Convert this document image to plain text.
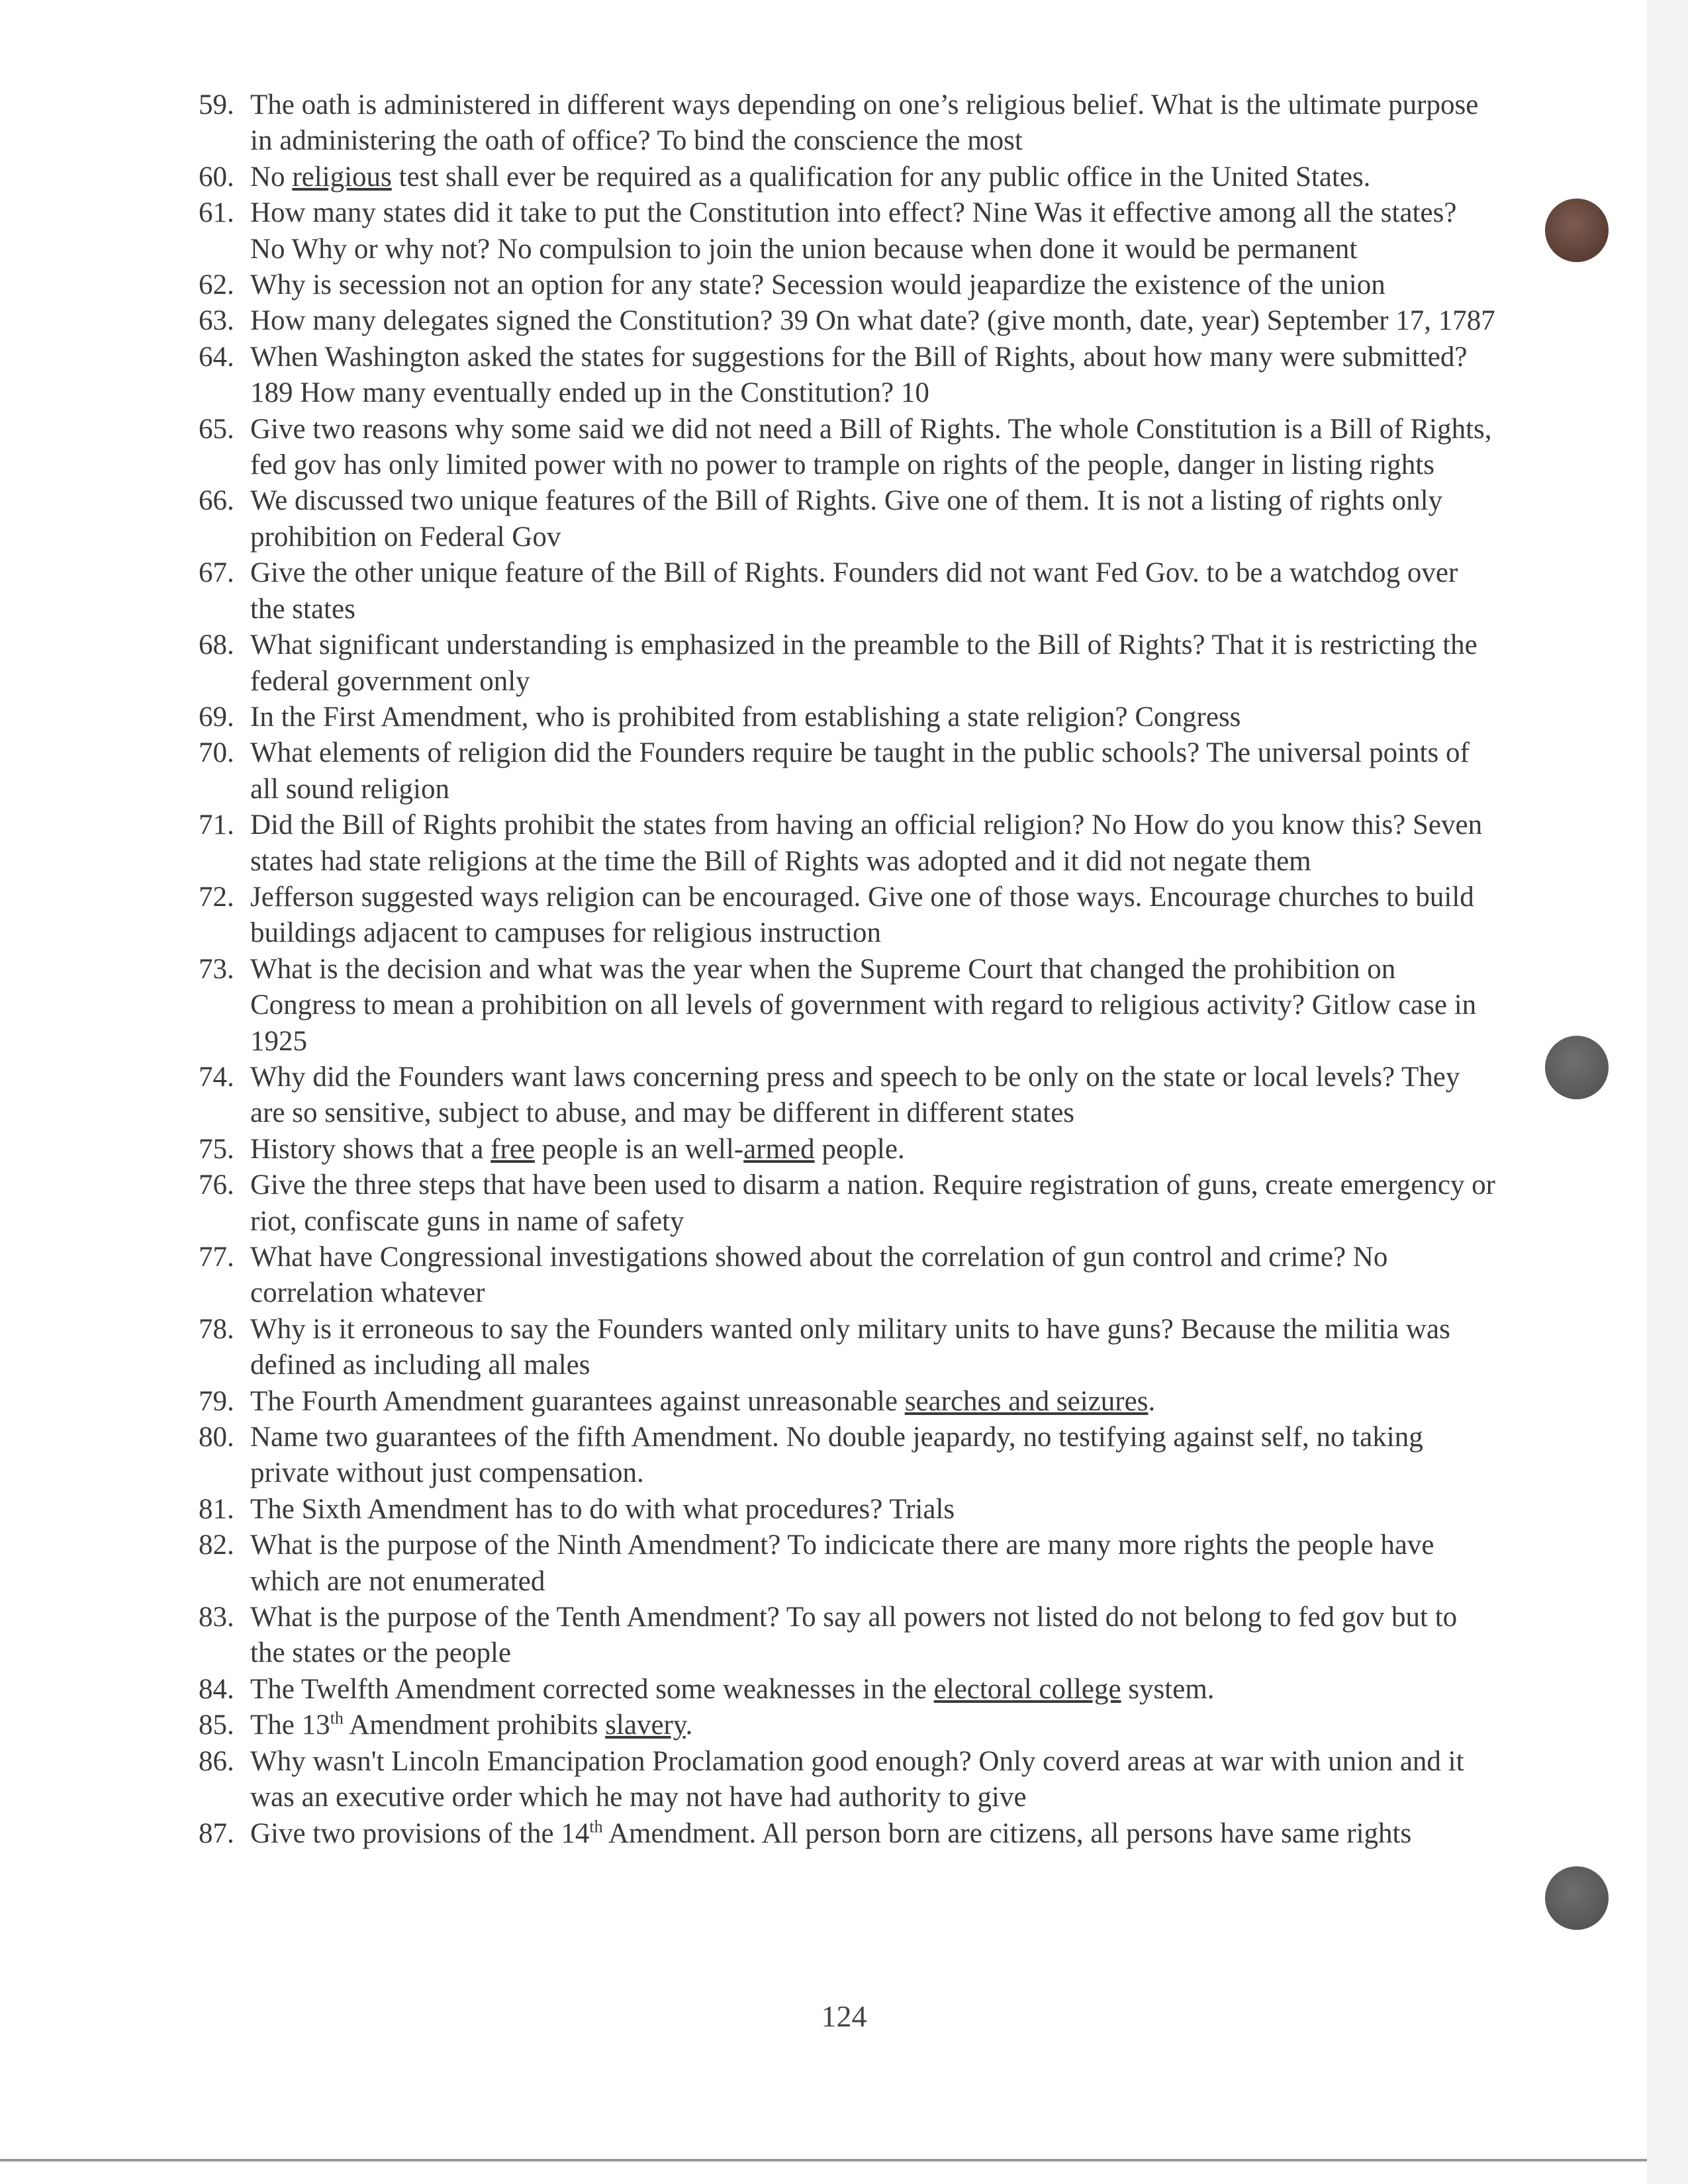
59. The oath is administered in different ways depending on one’s religious belief. What is the ultimate purpose in administering the oath of office? To bind the conscience the most
60. No religious test shall ever be required as a qualification for any public office in the United States.
61. How many states did it take to put the Constitution into effect? Nine Was it effective among all the states? No Why or why not? No compulsion to join the union because when done it would be permanent
62. Why is secession not an option for any state? Secession would jeapardize the existence of the union
63. How many delegates signed the Constitution? 39 On what date? (give month, date, year) September 17, 1787
64. When Washington asked the states for suggestions for the Bill of Rights, about how many were submitted? 189 How many eventually ended up in the Constitution? 10
65. Give two reasons why some said we did not need a Bill of Rights. The whole Constitution is a Bill of Rights, fed gov has only limited power with no power to trample on rights of the people, danger in listing rights
66. We discussed two unique features of the Bill of Rights. Give one of them. It is not a listing of rights only prohibition on Federal Gov
67. Give the other unique feature of the Bill of Rights. Founders did not want Fed Gov. to be a watchdog over the states
68. What significant understanding is emphasized in the preamble to the Bill of Rights? That it is restricting the federal government only
69. In the First Amendment, who is prohibited from establishing a state religion? Congress
70. What elements of religion did the Founders require be taught in the public schools? The universal points of all sound religion
71. Did the Bill of Rights prohibit the states from having an official religion? No How do you know this? Seven states had state religions at the time the Bill of Rights was adopted and it did not negate them
72. Jefferson suggested ways religion can be encouraged. Give one of those ways. Encourage churches to build buildings adjacent to campuses for religious instruction
73. What is the decision and what was the year when the Supreme Court that changed the prohibition on Congress to mean a prohibition on all levels of government with regard to religious activity? Gitlow case in 1925
74. Why did the Founders want laws concerning press and speech to be only on the state or local levels? They are so sensitive, subject to abuse, and may be different in different states
75. History shows that a free people is an well-armed people.
76. Give the three steps that have been used to disarm a nation. Require registration of guns, create emergency or riot, confiscate guns in name of safety
77. What have Congressional investigations showed about the correlation of gun control and crime? No correlation whatever
78. Why is it erroneous to say the Founders wanted only military units to have guns? Because the militia was defined as including all males
79. The Fourth Amendment guarantees against unreasonable searches and seizures.
80. Name two guarantees of the fifth Amendment. No double jeapardy, no testifying against self, no taking private without just compensation.
81. The Sixth Amendment has to do with what procedures? Trials
82. What is the purpose of the Ninth Amendment? To indicicate there are many more rights the people have which are not enumerated
83. What is the purpose of the Tenth Amendment? To say all powers not listed do not belong to fed gov but to the states or the people
84. The Twelfth Amendment corrected some weaknesses in the electoral college system.
85. The 13th Amendment prohibits slavery.
86. Why wasn't Lincoln Emancipation Proclamation good enough? Only coverd areas at war with union and it was an executive order which he may not have had authority to give
87. Give two provisions of the 14th Amendment. All person born are citizens, all persons have same rights
124
